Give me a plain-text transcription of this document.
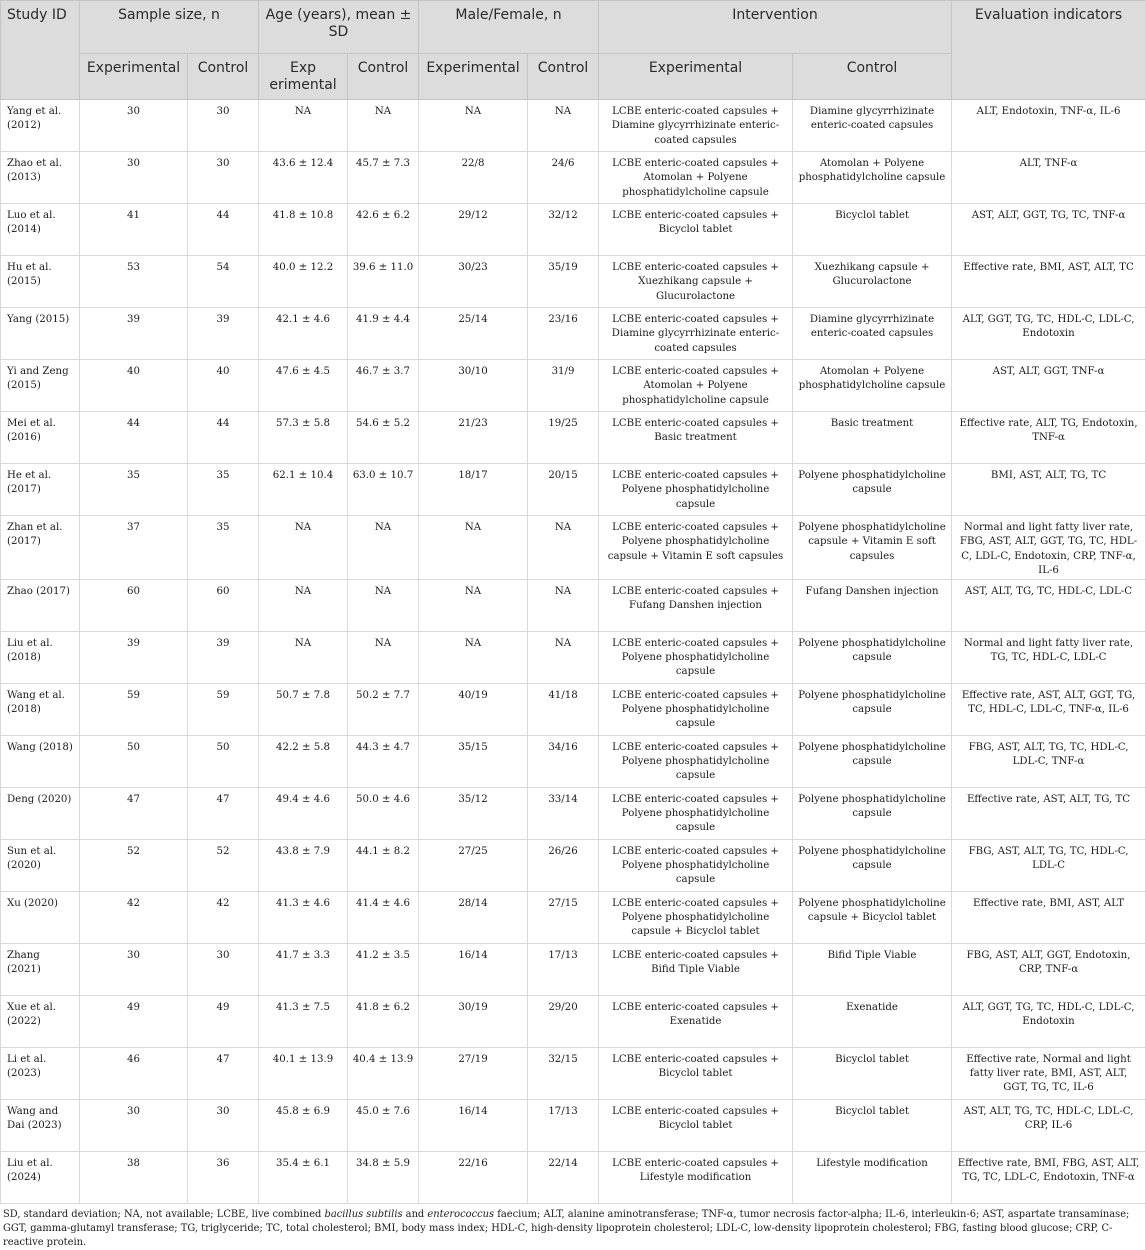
Study ID	Sample size, n		Age (years), mean ± SD		Male/Female, n		Intervention		Evaluation indicators
	Experimental	Control	Exp erimental	Control	Experimental	Control	Experimental	Control	
Yang et al. (2012)	30	30	NA	NA	NA	NA	LCBE enteric-coated capsules + Diamine glycyrrhizinate enteric-coated capsules	Diamine glycyrrhizinate enteric-coated capsules	ALT, Endotoxin, TNF-α, IL-6
Zhao et al. (2013)	30	30	43.6 ± 12.4	45.7 ± 7.3	22/8	24/6	LCBE enteric-coated capsules + Atomolan + Polyene phosphatidylcholine capsule	Atomolan + Polyene phosphatidylcholine capsule	ALT, TNF-α
Luo et al. (2014)	41	44	41.8 ± 10.8	42.6 ± 6.2	29/12	32/12	LCBE enteric-coated capsules + Bicyclol tablet	Bicyclol tablet	AST, ALT, GGT, TG, TC, TNF-α
Hu et al. (2015)	53	54	40.0 ± 12.2	39.6 ± 11.0	30/23	35/19	LCBE enteric-coated capsules + Xuezhikang capsule + Glucurolactone	Xuezhikang capsule + Glucurolactone	Effective rate, BMI, AST, ALT, TC
Yang (2015)	39	39	42.1 ± 4.6	41.9 ± 4.4	25/14	23/16	LCBE enteric-coated capsules + Diamine glycyrrhizinate enteric-coated capsules	Diamine glycyrrhizinate enteric-coated capsules	ALT, GGT, TG, TC, HDL-C, LDL-C, Endotoxin
Yi and Zeng (2015)	40	40	47.6 ± 4.5	46.7 ± 3.7	30/10	31/9	LCBE enteric-coated capsules + Atomolan + Polyene phosphatidylcholine capsule	Atomolan + Polyene phosphatidylcholine capsule	AST, ALT, GGT, TNF-α
Mei et al. (2016)	44	44	57.3 ± 5.8	54.6 ± 5.2	21/23	19/25	LCBE enteric-coated capsules + Basic treatment	Basic treatment	Effective rate, ALT, TG, Endotoxin, TNF-α
He et al. (2017)	35	35	62.1 ± 10.4	63.0 ± 10.7	18/17	20/15	LCBE enteric-coated capsules + Polyene phosphatidylcholine capsule	Polyene phosphatidylcholine capsule	BMI, AST, ALT, TG, TC
Zhan et al. (2017)	37	35	NA	NA	NA	NA	LCBE enteric-coated capsules + Polyene phosphatidylcholine capsule + Vitamin E soft capsules	Polyene phosphatidylcholine capsule + Vitamin E soft capsules	Normal and light fatty liver rate, FBG, AST, ALT, GGT, TG, TC, HDL-C, LDL-C, Endotoxin, CRP, TNF-α, IL-6
Zhao (2017)	60	60	NA	NA	NA	NA	LCBE enteric-coated capsules + Fufang Danshen injection	Fufang Danshen injection	AST, ALT, TG, TC, HDL-C, LDL-C
Liu et al. (2018)	39	39	NA	NA	NA	NA	LCBE enteric-coated capsules + Polyene phosphatidylcholine capsule	Polyene phosphatidylcholine capsule	Normal and light fatty liver rate, TG, TC, HDL-C, LDL-C
Wang et al. (2018)	59	59	50.7 ± 7.8	50.2 ± 7.7	40/19	41/18	LCBE enteric-coated capsules + Polyene phosphatidylcholine capsule	Polyene phosphatidylcholine capsule	Effective rate, AST, ALT, GGT, TG, TC, HDL-C, LDL-C, TNF-α, IL-6
Wang (2018)	50	50	42.2 ± 5.8	44.3 ± 4.7	35/15	34/16	LCBE enteric-coated capsules + Polyene phosphatidylcholine capsule	Polyene phosphatidylcholine capsule	FBG, AST, ALT, TG, TC, HDL-C, LDL-C, TNF-α
Deng (2020)	47	47	49.4 ± 4.6	50.0 ± 4.6	35/12	33/14	LCBE enteric-coated capsules + Polyene phosphatidylcholine capsule	Polyene phosphatidylcholine capsule	Effective rate, AST, ALT, TG, TC
Sun et al. (2020)	52	52	43.8 ± 7.9	44.1 ± 8.2	27/25	26/26	LCBE enteric-coated capsules + Polyene phosphatidylcholine capsule	Polyene phosphatidylcholine capsule	FBG, AST, ALT, TG, TC, HDL-C, LDL-C
Xu (2020)	42	42	41.3 ± 4.6	41.4 ± 4.6	28/14	27/15	LCBE enteric-coated capsules + Polyene phosphatidylcholine capsule + Bicyclol tablet	Polyene phosphatidylcholine capsule + Bicyclol tablet	Effective rate, BMI, AST, ALT
Zhang (2021)	30	30	41.7 ± 3.3	41.2 ± 3.5	16/14	17/13	LCBE enteric-coated capsules + Bifid Tiple Viable	Bifid Tiple Viable	FBG, AST, ALT, GGT, Endotoxin, CRP, TNF-α
Xue et al. (2022)	49	49	41.3 ± 7.5	41.8 ± 6.2	30/19	29/20	LCBE enteric-coated capsules + Exenatide	Exenatide	ALT, GGT, TG, TC, HDL-C, LDL-C, Endotoxin
Li et al. (2023)	46	47	40.1 ± 13.9	40.4 ± 13.9	27/19	32/15	LCBE enteric-coated capsules + Bicyclol tablet	Bicyclol tablet	Effective rate, Normal and light fatty liver rate, BMI, AST, ALT, GGT, TG, TC, IL-6
Wang and Dai (2023)	30	30	45.8 ± 6.9	45.0 ± 7.6	16/14	17/13	LCBE enteric-coated capsules + Bicyclol tablet	Bicyclol tablet	AST, ALT, TG, TC, HDL-C, LDL-C, CRP, IL-6
Liu et al. (2024)	38	36	35.4 ± 6.1	34.8 ± 5.9	22/16	22/14	LCBE enteric-coated capsules + Lifestyle modification	Lifestyle modification	Effective rate, BMI, FBG, AST, ALT, TG, TC, LDL-C, Endotoxin, TNF-α
SD, standard deviation; NA, not available; LCBE, live combined bacillus subtilis and enterococcus faecium; ALT, alanine aminotransferase; TNF-α, tumor necrosis factor-alpha; IL-6, interleukin-6; AST, aspartate transaminase; GGT, gamma-glutamyl transferase; TG, triglyceride; TC, total cholesterol; BMI, body mass index; HDL-C, high-density lipoprotein cholesterol; LDL-C, low-density lipoprotein cholesterol; FBG, fasting blood glucose; CRP, C-reactive protein.
